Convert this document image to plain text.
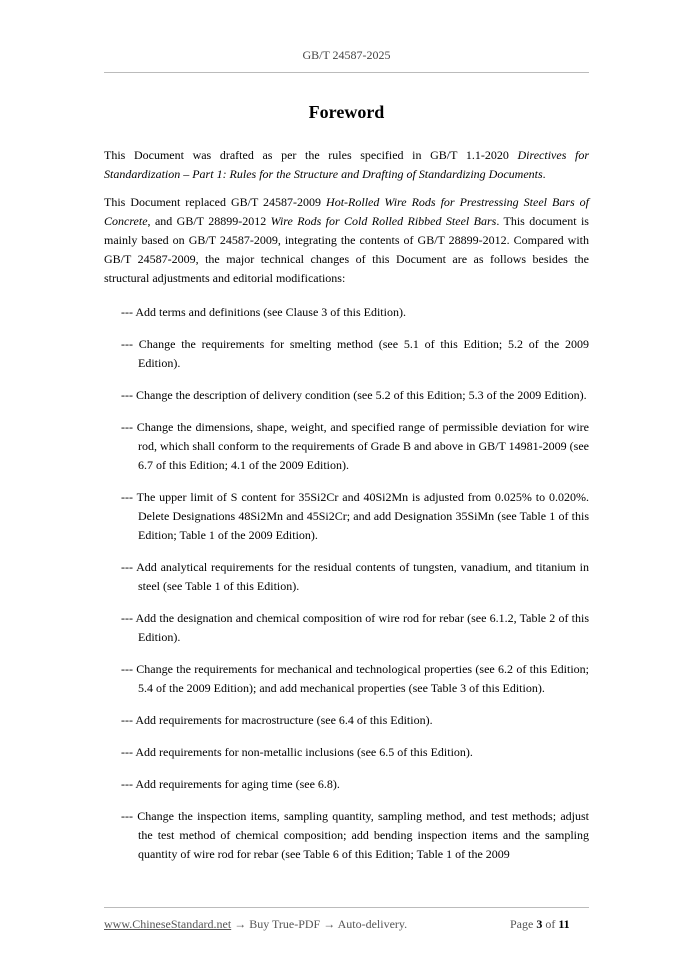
GB/T 24587-2025
Foreword

This Document was drafted as per the rules specified in GB/T 1.1-2020 Directives for Standardization – Part 1: Rules for the Structure and Drafting of Standardizing Documents.

This Document replaced GB/T 24587-2009 Hot-Rolled Wire Rods for Prestressing Steel Bars of Concrete, and GB/T 28899-2012 Wire Rods for Cold Rolled Ribbed Steel Bars. This document is mainly based on GB/T 24587-2009, integrating the contents of GB/T 28899-2012. Compared with GB/T 24587-2009, the major technical changes of this Document are as follows besides the structural adjustments and editorial modifications:

--- Add terms and definitions (see Clause 3 of this Edition).

--- Change the requirements for smelting method (see 5.1 of this Edition; 5.2 of the 2009 Edition).

--- Change the description of delivery condition (see 5.2 of this Edition; 5.3 of the 2009 Edition).

--- Change the dimensions, shape, weight, and specified range of permissible deviation for wire rod, which shall conform to the requirements of Grade B and above in GB/T 14981-2009 (see 6.7 of this Edition; 4.1 of the 2009 Edition).

--- The upper limit of S content for 35Si2Cr and 40Si2Mn is adjusted from 0.025% to 0.020%. Delete Designations 48Si2Mn and 45Si2Cr; and add Designation 35SiMn (see Table 1 of this Edition; Table 1 of the 2009 Edition).

--- Add analytical requirements for the residual contents of tungsten, vanadium, and titanium in steel (see Table 1 of this Edition).

--- Add the designation and chemical composition of wire rod for rebar (see 6.1.2, Table 2 of this Edition).

--- Change the requirements for mechanical and technological properties (see 6.2 of this Edition; 5.4 of the 2009 Edition); and add mechanical properties (see Table 3 of this Edition).

--- Add requirements for macrostructure (see 6.4 of this Edition).

--- Add requirements for non-metallic inclusions (see 6.5 of this Edition).

--- Add requirements for aging time (see 6.8).

--- Change the inspection items, sampling quantity, sampling method, and test methods; adjust the test method of chemical composition; add bending inspection items and the sampling quantity of wire rod for rebar (see Table 6 of this Edition; Table 1 of the 2009

www.ChineseStandard.net → Buy True-PDF → Auto-delivery.	Page 3 of 11
